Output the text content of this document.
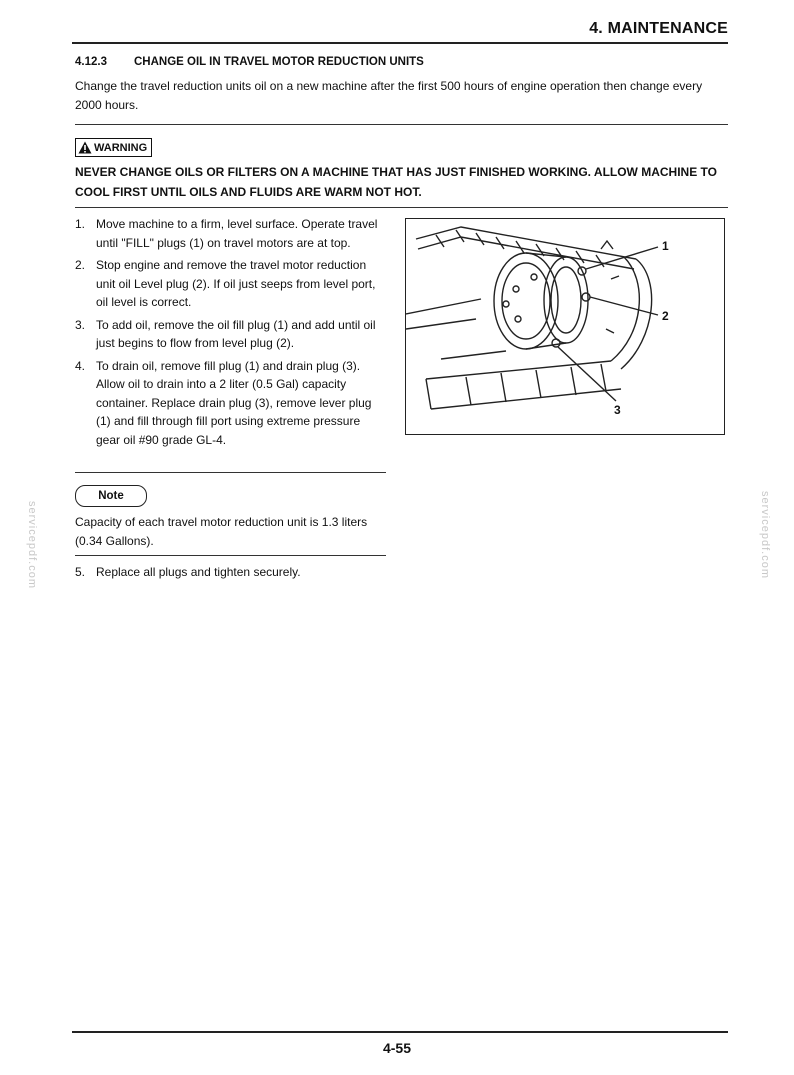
4. MAINTENANCE
4.12.3 CHANGE OIL IN TRAVEL MOTOR REDUCTION UNITS
Change the travel reduction units oil on a new machine after the first 500 hours of engine operation then change every 2000 hours.
WARNING
NEVER CHANGE OILS OR FILTERS ON A MACHINE THAT HAS JUST FINISHED WORKING. ALLOW MACHINE TO COOL FIRST UNTIL OILS AND FLUIDS ARE WARM NOT HOT.
1. Move machine to a firm, level surface. Operate travel until "FILL" plugs (1) on travel motors are at top.
2. Stop engine and remove the travel motor reduction unit oil Level plug (2). If oil just seeps from level port, oil level is correct.
3. To add oil, remove the oil fill plug (1) and add until oil just begins to flow from level plug (2).
4. To drain oil, remove fill plug (1) and drain plug (3). Allow oil to drain into a 2 liter (0.5 Gal) capacity container. Replace drain plug (3), remove lever plug (1) and fill through fill port using extreme pressure gear oil #90 grade GL-4.
1
2
3
Note
Capacity of each travel motor reduction unit is 1.3 liters (0.34 Gallons).
5. Replace all plugs and tighten securely.
servicepdf.com	servicepdf.com
4-55
